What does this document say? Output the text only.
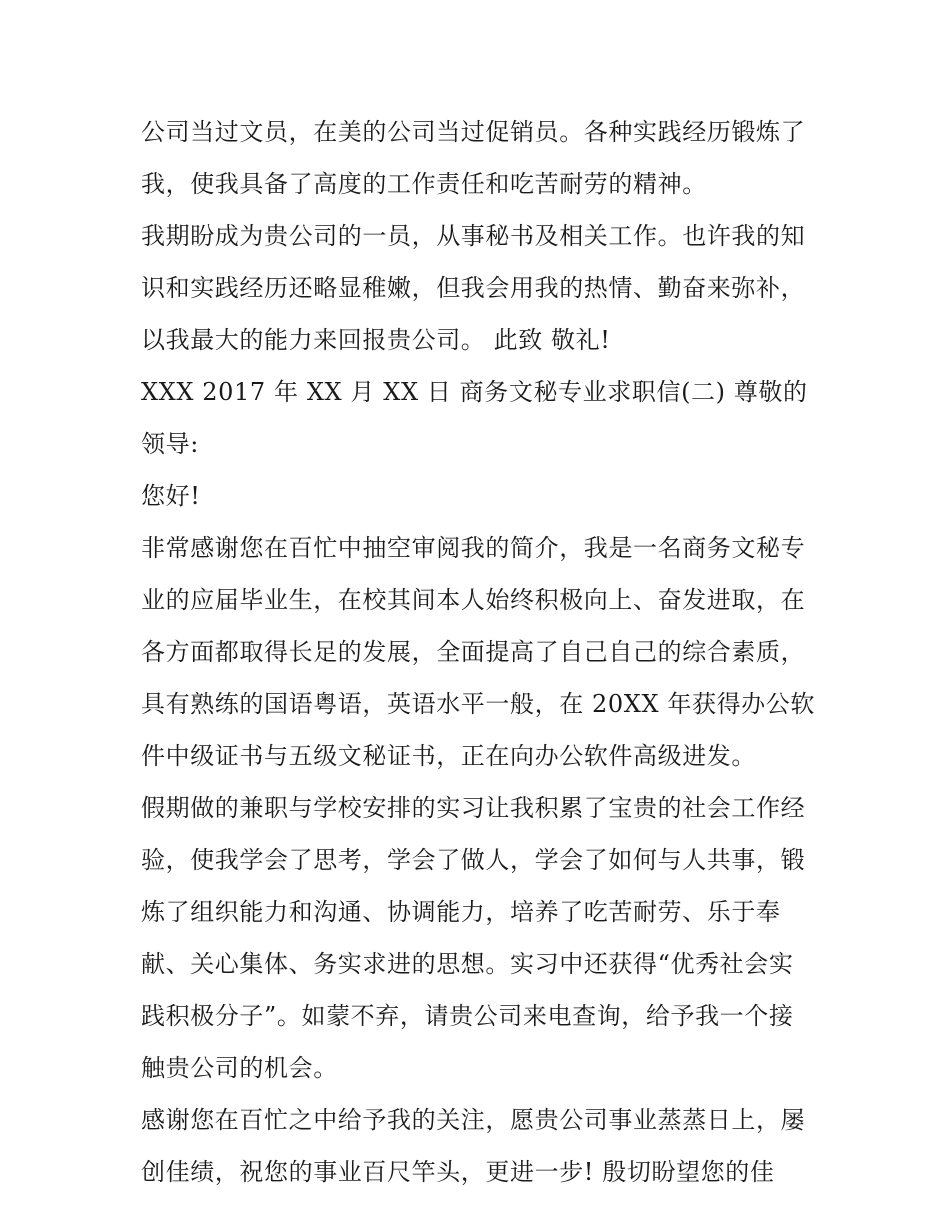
公司当过文员，在美的公司当过促销员。各种实践经历锻炼了
我，使我具备了高度的工作责任和吃苦耐劳的精神。

我期盼成为贵公司的一员，从事秘书及相关工作。也许我的知
识和实践经历还略显稚嫩，但我会用我的热情、勤奋来弥补，
以我最大的能力来回报贵公司。 此致 敬礼!

XXX 2017 年 XX 月 XX 日 商务文秘专业求职信(二) 尊敬的领导:
您好!

非常感谢您在百忙中抽空审阅我的简介，我是一名商务文秘专
业的应届毕业生，在校其间本人始终积极向上、奋发进取，在
各方面都取得长足的发展，全面提高了自己自己的综合素质，
具有熟练的国语粤语，英语水平一般，在 20XX 年获得办公软
件中级证书与五级文秘证书，正在向办公软件高级进发。

假期做的兼职与学校安排的实习让我积累了宝贵的社会工作经
验，使我学会了思考，学会了做人，学会了如何与人共事，锻
炼了组织能力和沟通、协调能力，培养了吃苦耐劳、乐于奉
献、关心集体、务实求进的思想。实习中还获得“优秀社会实
践积极分子”。如蒙不弃，请贵公司来电查询，给予我一个接
触贵公司的机会。

感谢您在百忙之中给予我的关注，愿贵公司事业蒸蒸日上，屡
创佳绩，祝您的事业百尺竿头，更进一步! 殷切盼望您的佳
